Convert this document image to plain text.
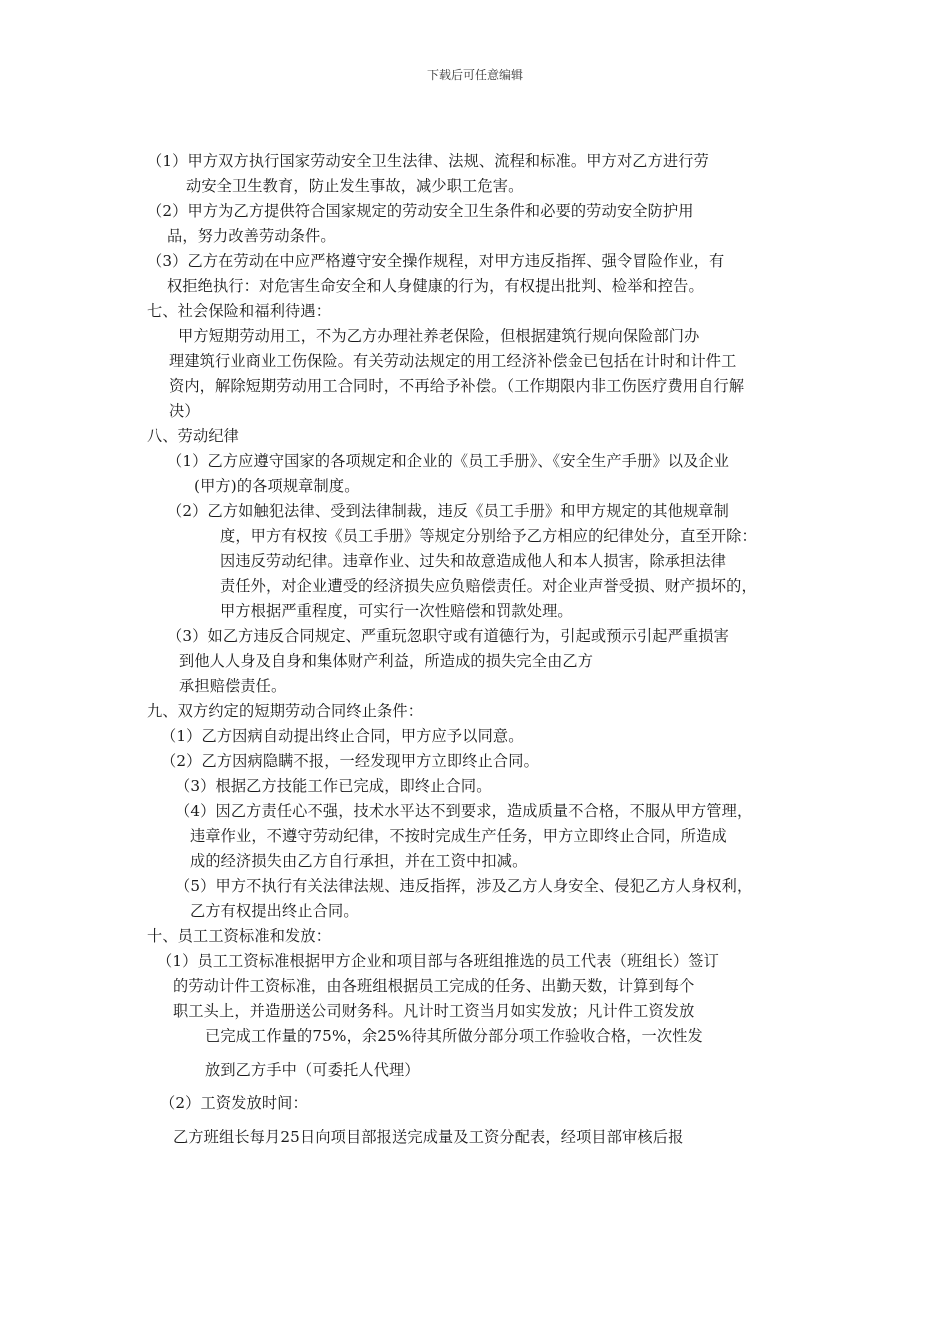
下载后可任意编辑
（1）甲方双方执行国家劳动安全卫生法律、法规、流程和标准。甲方对乙方进行劳
动安全卫生教育，防止发生事故，减少职工危害。
（2）甲方为乙方提供符合国家规定的劳动安全卫生条件和必要的劳动安全防护用
品，努力改善劳动条件。
（3）乙方在劳动在中应严格遵守安全操作规程，对甲方违反指挥、强令冒险作业，有
权拒绝执行：对危害生命安全和人身健康的行为，有权提出批判、检举和控告。
七、社会保险和福利待遇：
甲方短期劳动用工，不为乙方办理社养老保险，但根据建筑行规向保险部门办
理建筑行业商业工伤保险。有关劳动法规定的用工经济补偿金已包括在计时和计件工
资内，解除短期劳动用工合同时，不再给予补偿。（工作期限内非工伤医疗费用自行解
决）
八、劳动纪律
（1）乙方应遵守国家的各项规定和企业的《员工手册》、《安全生产手册》以及企业
(甲方)的各项规章制度。
（2）乙方如触犯法律、受到法律制裁，违反《员工手册》和甲方规定的其他规章制
度，甲方有权按《员工手册》等规定分别给予乙方相应的纪律处分，直至开除：
因违反劳动纪律。违章作业、过失和故意造成他人和本人损害，除承担法律
责任外，对企业遭受的经济损失应负赔偿责任。对企业声誉受损、财产损坏的，
甲方根据严重程度，可实行一次性赔偿和罚款处理。
（3）如乙方违反合同规定、严重玩忽职守或有道德行为，引起或预示引起严重损害
到他人人身及自身和集体财产利益，所造成的损失完全由乙方
承担赔偿责任。
九、双方约定的短期劳动合同终止条件：
（1）乙方因病自动提出终止合同，甲方应予以同意。
（2）乙方因病隐瞒不报，一经发现甲方立即终止合同。
（3）根据乙方技能工作已完成，即终止合同。
（4）因乙方责任心不强，技术水平达不到要求，造成质量不合格，不服从甲方管理，
违章作业，不遵守劳动纪律，不按时完成生产任务，甲方立即终止合同，所造成
成的经济损失由乙方自行承担，并在工资中扣减。
（5）甲方不执行有关法律法规、违反指挥，涉及乙方人身安全、侵犯乙方人身权利，
乙方有权提出终止合同。
十、员工工资标准和发放：
（1）员工工资标准根据甲方企业和项目部与各班组推选的员工代表（班组长）签订
的劳动计件工资标准，由各班组根据员工完成的任务、出勤天数，计算到每个
职工头上，并造册送公司财务科。凡计时工资当月如实发放；凡计件工资发放
已完成工作量的75%，余25%待其所做分部分项工作验收合格，一次性发
放到乙方手中（可委托人代理）
（2）工资发放时间：
乙方班组长每月25日向项目部报送完成量及工资分配表，经项目部审核后报
